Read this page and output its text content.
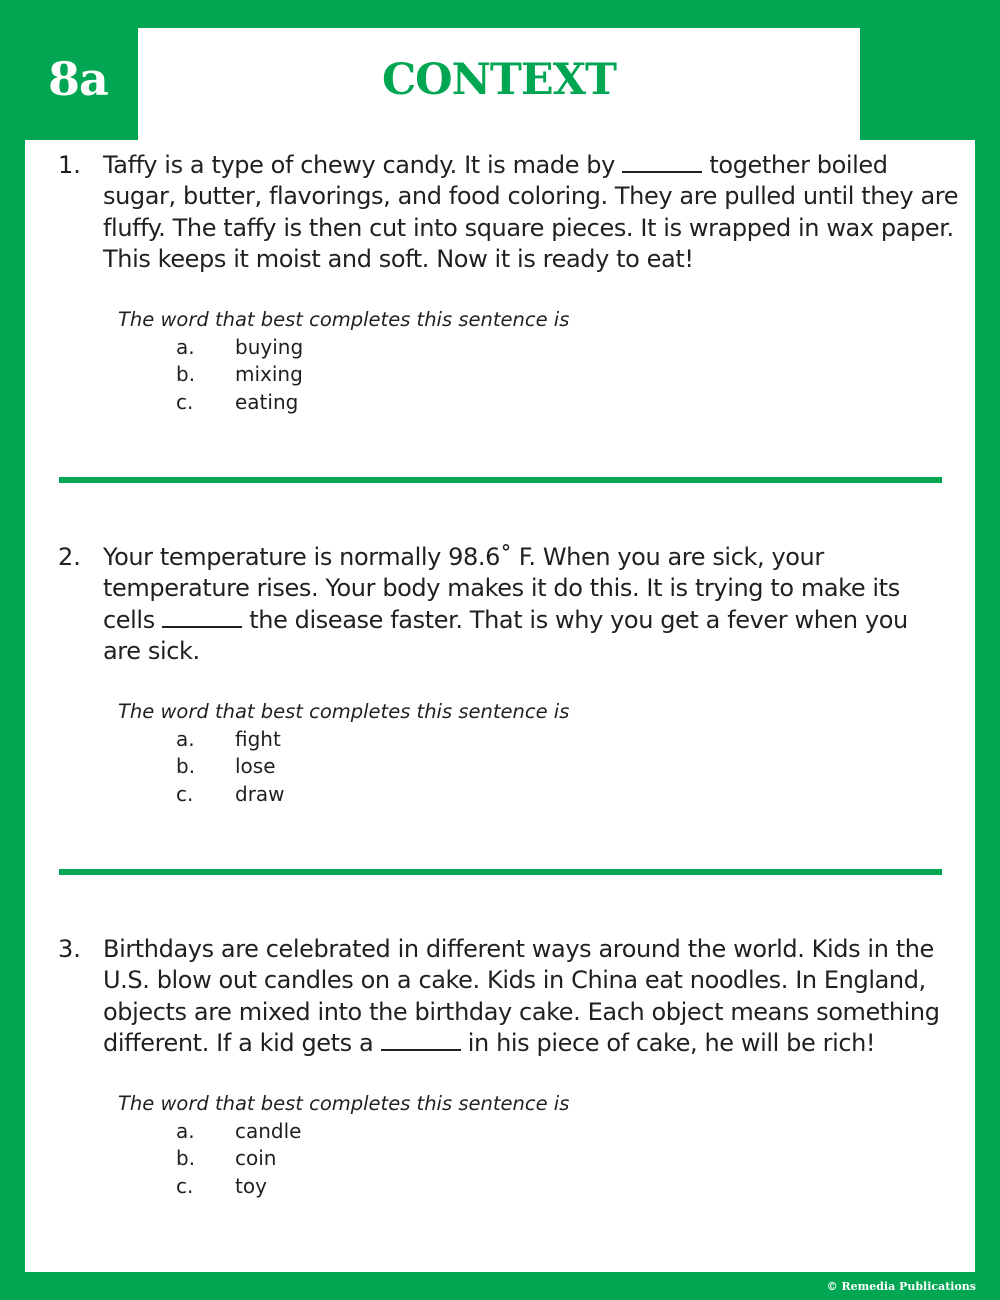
CONTEXT
8a
1. Taffy is a type of chewy candy. It is made by	together boiled
sugar, butter, flavorings, and food coloring. They are pulled until they are
fluffy. The taffy is then cut into square pieces. It is wrapped in wax paper.
This keeps it moist and soft. Now it is ready to eat!
The word that best completes this sentence is
a. buying
b. mixing
c. eating
2. Your temperature is normally 98.6˚ F. When you are sick, your
temperature rises. Your body makes it do this. It is trying to make its
cells	the disease faster. That is why you get a fever when you
are sick.
The word that best completes this sentence is
a. fight
b. lose
c. draw
3. Birthdays are celebrated in different ways around the world. Kids in the
U.S. blow out candles on a cake. Kids in China eat noodles. In England,
objects are mixed into the birthday cake. Each object means something
different. If a kid gets a	in his piece of cake, he will be rich!
The word that best completes this sentence is
a. candle
b. coin
c. toy
© Remedia Publications
